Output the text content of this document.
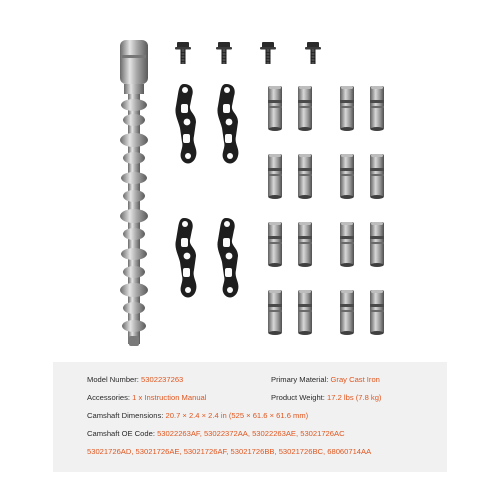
Model Number: 5302237263	Primary Material: Gray Cast Iron
Accessories: 1 x Instruction Manual	Product Weight: 17.2 lbs (7.8 kg)
Camshaft Dimensions: 20.7 × 2.4 × 2.4 in (525 × 61.6 × 61.6 mm)
Camshaft OE Code: 53022263AF, 53022372AA, 53022263AE, 53021726AC
53021726AD, 53021726AE, 53021726AF, 53021726BB, 53021726BC, 68060714AA
